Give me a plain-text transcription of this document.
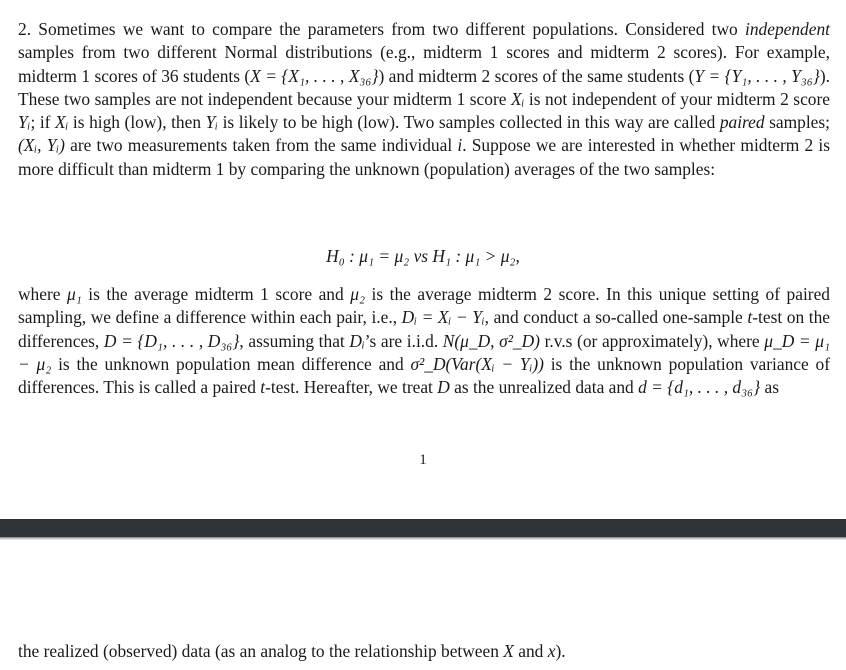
2. Sometimes we want to compare the parameters from two different populations. Considered two independent samples from two different Normal distributions (e.g., midterm 1 scores and midterm 2 scores). For example, midterm 1 scores of 36 students (X = {X₁, . . . , X₃₆}) and midterm 2 scores of the same students (Y = {Y₁, . . . , Y₃₆}). These two samples are not independent because your midterm 1 score Xᵢ is not independent of your midterm 2 score Yᵢ; if Xᵢ is high (low), then Yᵢ is likely to be high (low). Two samples collected in this way are called paired samples; (Xᵢ, Yᵢ) are two measurements taken from the same individual i. Suppose we are interested in whether midterm 2 is more difficult than midterm 1 by comparing the unknown (population) averages of the two samples:
H₀ : μ₁ = μ₂ vs H₁ : μ₁ > μ₂,
where μ₁ is the average midterm 1 score and μ₂ is the average midterm 2 score. In this unique setting of paired sampling, we define a difference within each pair, i.e., Dᵢ = Xᵢ − Yᵢ, and conduct a so-called one-sample t-test on the differences, D = {D₁, . . . , D₃₆}, assuming that Dᵢ’s are i.i.d. N(μ_D, σ²_D) r.v.s (or approximately), where μ_D = μ₁ − μ₂ is the unknown population mean difference and σ²_D(Var(Xᵢ − Yᵢ)) is the unknown population variance of differences. This is called a paired t-test. Hereafter, we treat D as the unrealized data and d = {d₁, . . . , d₃₆} as
1
the realized (observed) data (as an analog to the relationship between X and x).
